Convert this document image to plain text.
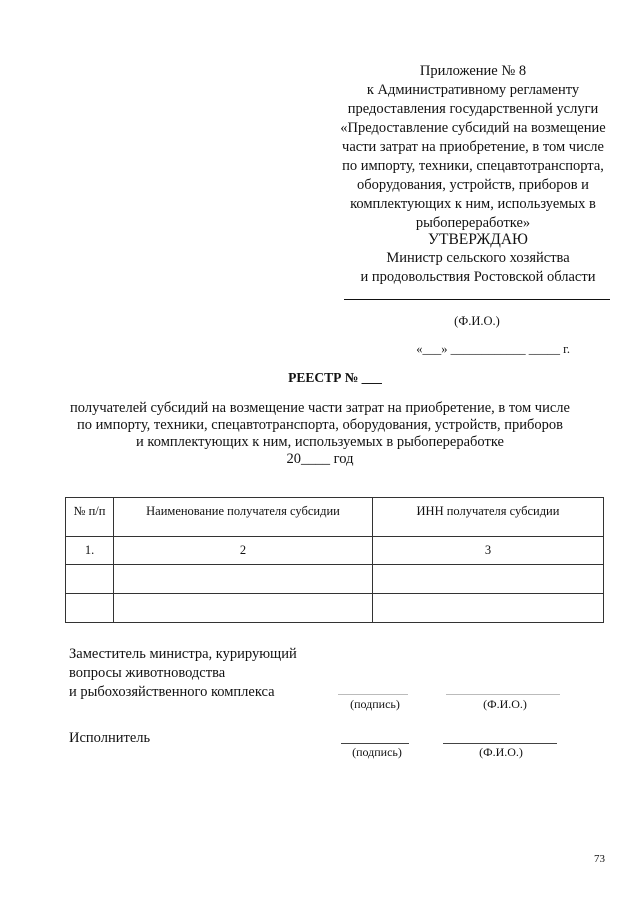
Приложение № 8
к Административному регламенту
предоставления государственной услуги
«Предоставление субсидий на возмещение
части затрат на приобретение, в том числе
по импорту, техники, спецавтотранспорта,
оборудования, устройств, приборов и
комплектующих к ним, используемых в
рыбопереработке»
УТВЕРЖДАЮ
Министр сельского хозяйства
и продовольствия Ростовской области
(Ф.И.О.)
«___» ____________ _____ г.
РЕЕСТР № ___
получателей субсидий на возмещение части затрат на приобретение, в том числе
по импорту, техники, спецавтотранспорта, оборудования, устройств, приборов
и комплектующих к ним, используемых в рыбопереработке
20____ год
№ п/п	Наименование получателя субсидии	ИНН получателя субсидии
1.	2	3

Заместитель министра, курирующий
вопросы животноводства
и рыбохозяйственного комплекса
(подпись)	(Ф.И.О.)
Исполнитель
(подпись)	(Ф.И.О.)
73
